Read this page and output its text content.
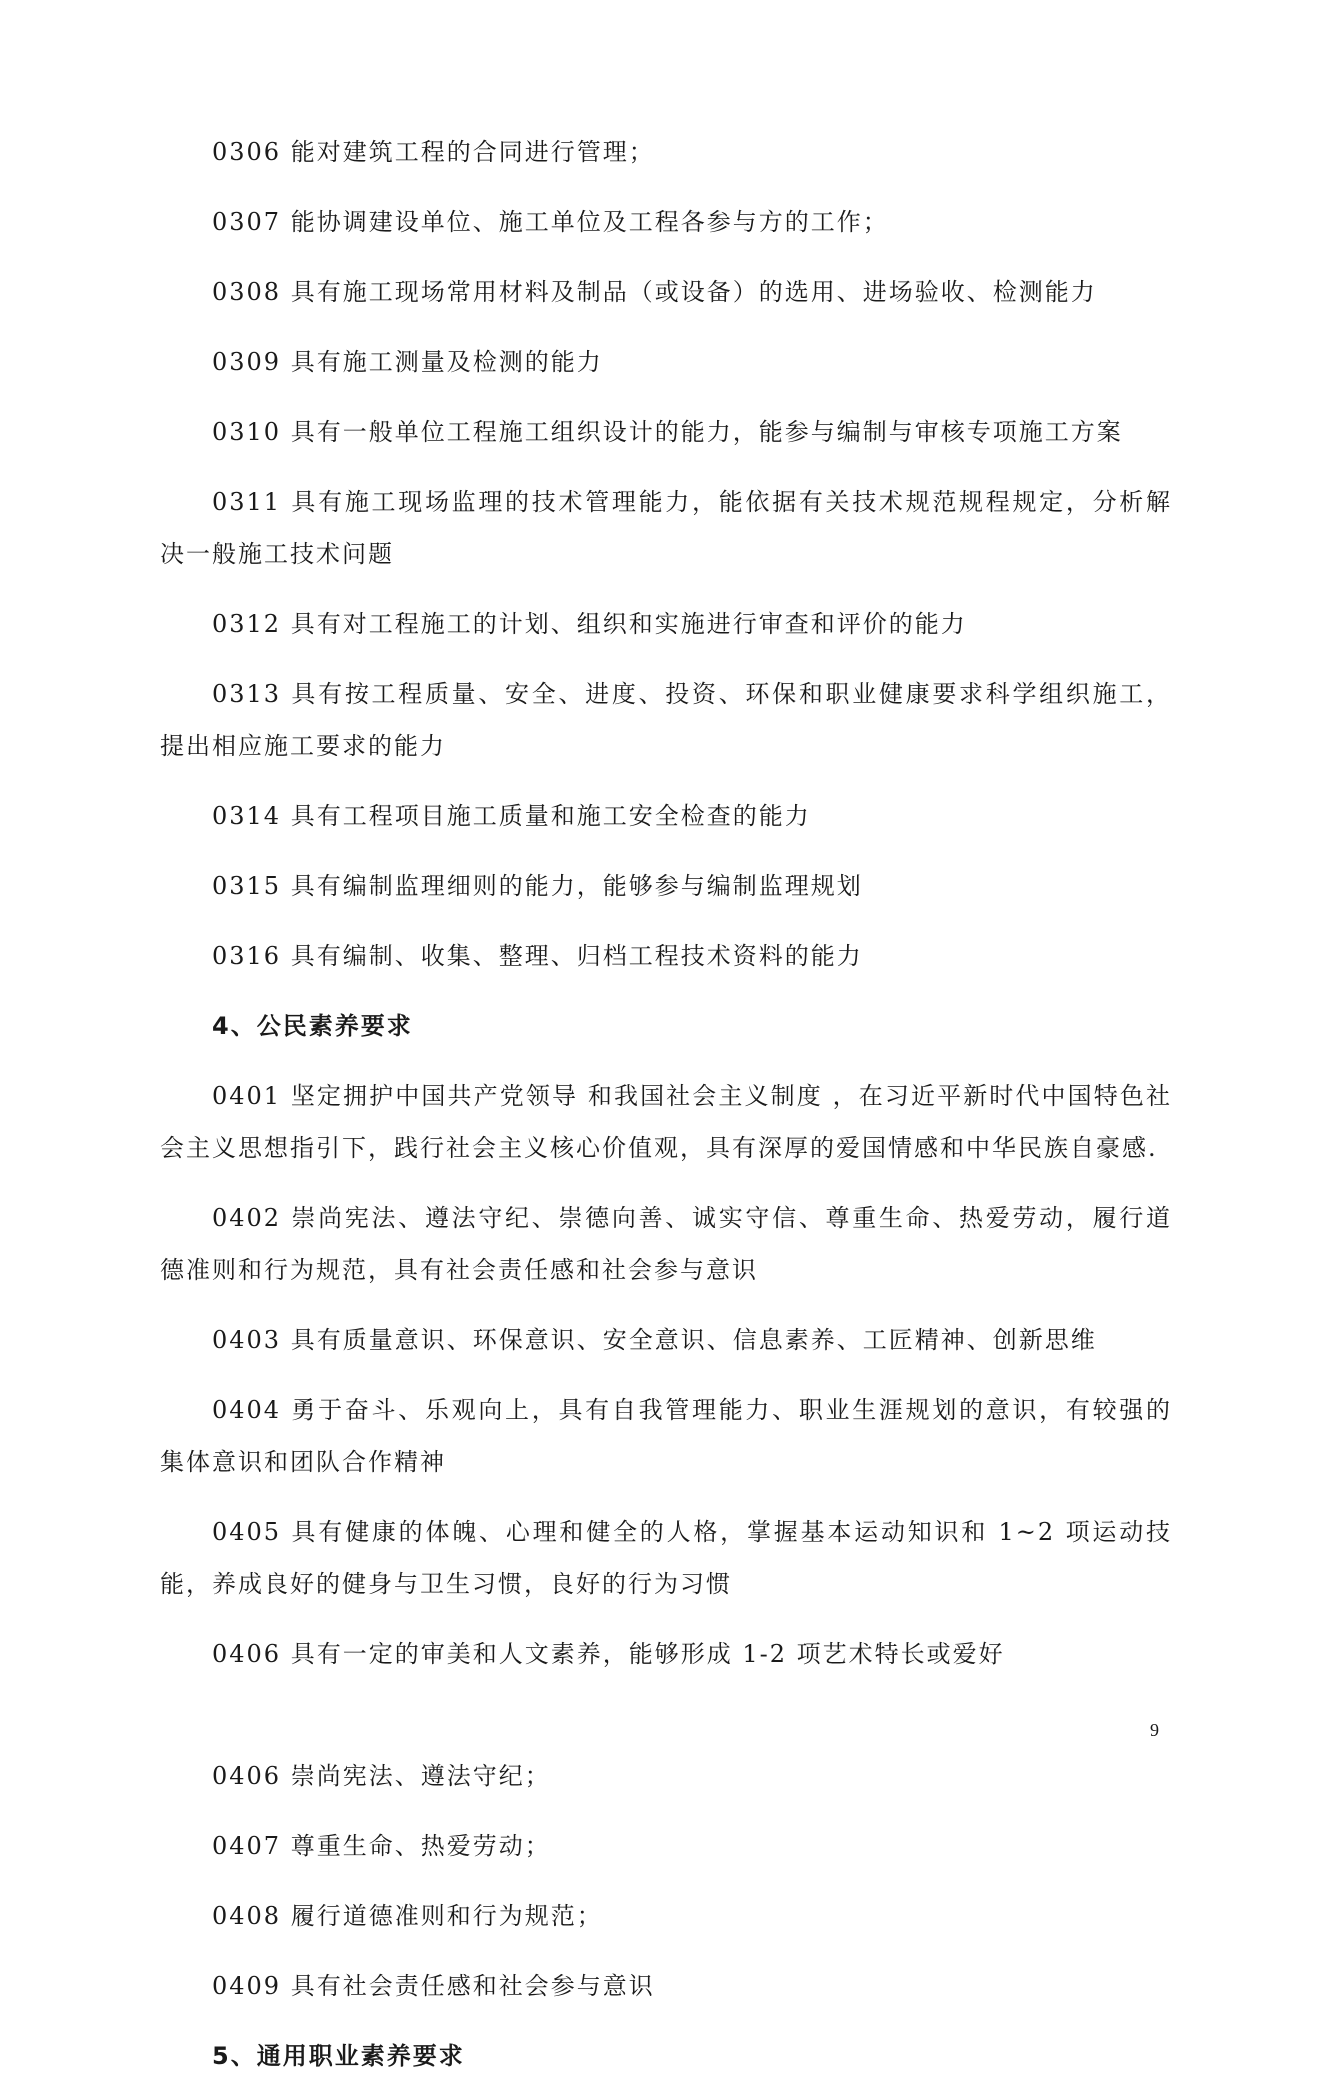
0306 能对建筑工程的合同进行管理；

0307 能协调建设单位、施工单位及工程各参与方的工作；

0308 具有施工现场常用材料及制品（或设备）的选用、进场验收、检测能力

0309 具有施工测量及检测的能力

0310 具有一般单位工程施工组织设计的能力，能参与编制与审核专项施工方案

0311 具有施工现场监理的技术管理能力，能依据有关技术规范规程规定，分析解决一般施工技术问题

0312 具有对工程施工的计划、组织和实施进行审查和评价的能力

0313 具有按工程质量、安全、进度、投资、环保和职业健康要求科学组织施工，提出相应施工要求的能力

0314 具有工程项目施工质量和施工安全检查的能力

0315 具有编制监理细则的能力，能够参与编制监理规划

0316 具有编制、收集、整理、归档工程技术资料的能力

4、公民素养要求

0401 坚定拥护中国共产党领导 和我国社会主义制度 ，在习近平新时代中国特色社会主义思想指引下，践行社会主义核心价值观，具有深厚的爱国情感和中华民族自豪感.

0402 崇尚宪法、遵法守纪、崇德向善、诚实守信、尊重生命、热爱劳动，履行道德准则和行为规范，具有社会责任感和社会参与意识

0403 具有质量意识、环保意识、安全意识、信息素养、工匠精神、创新思维

0404 勇于奋斗、乐观向上，具有自我管理能力、职业生涯规划的意识，有较强的集体意识和团队合作精神

0405 具有健康的体魄、心理和健全的人格，掌握基本运动知识和 1~2 项运动技能，养成良好的健身与卫生习惯，良好的行为习惯

0406 具有一定的审美和人文素养，能够形成 1-2 项艺术特长或爱好

0406 崇尚宪法、遵法守纪；

0407 尊重生命、热爱劳动；

0408 履行道德准则和行为规范；

0409 具有社会责任感和社会参与意识

5、通用职业素养要求

9
